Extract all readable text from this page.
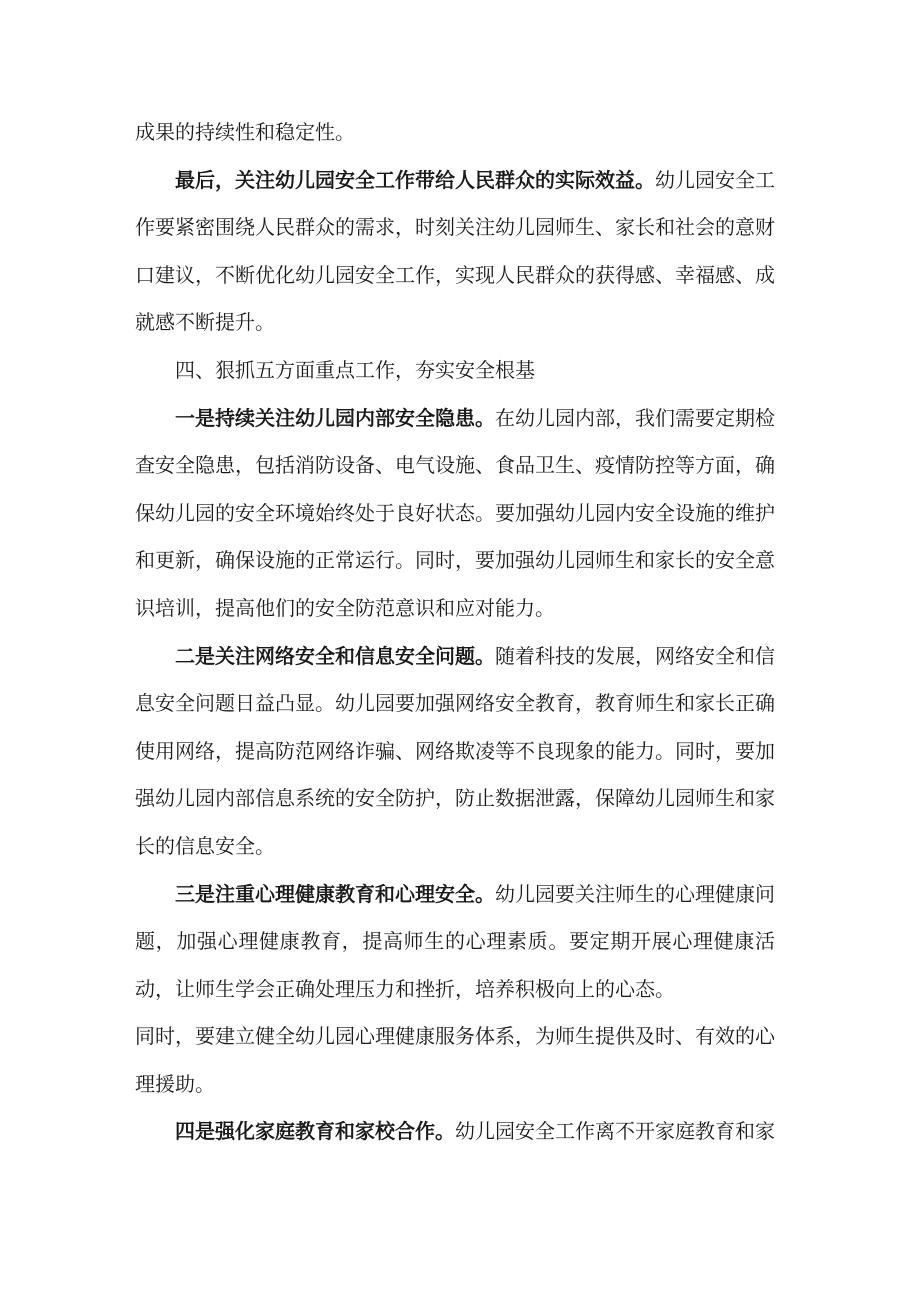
成果的持续性和稳定性。

最后，关注幼儿园安全工作带给人民群众的实际效益。幼儿园安全工作要紧密围绕人民群众的需求，时刻关注幼儿园师生、家长和社会的意财口建议，不断优化幼儿园安全工作，实现人民群众的获得感、幸福感、成就感不断提升。

四、狠抓五方面重点工作，夯实安全根基

一是持续关注幼儿园内部安全隐患。在幼儿园内部，我们需要定期检查安全隐患，包括消防设备、电气设施、食品卫生、疫情防控等方面，确保幼儿园的安全环境始终处于良好状态。要加强幼儿园内安全设施的维护和更新，确保设施的正常运行。同时，要加强幼儿园师生和家长的安全意识培训，提高他们的安全防范意识和应对能力。

二是关注网络安全和信息安全问题。随着科技的发展，网络安全和信息安全问题日益凸显。幼儿园要加强网络安全教育，教育师生和家长正确使用网络，提高防范网络诈骗、网络欺凌等不良现象的能力。同时，要加强幼儿园内部信息系统的安全防护，防止数据泄露，保障幼儿园师生和家长的信息安全。

三是注重心理健康教育和心理安全。幼儿园要关注师生的心理健康问题，加强心理健康教育，提高师生的心理素质。要定期开展心理健康活动，让师生学会正确处理压力和挫折，培养积极向上的心态。

同时，要建立健全幼儿园心理健康服务体系，为师生提供及时、有效的心理援助。

四是强化家庭教育和家校合作。幼儿园安全工作离不开家庭教育和家
